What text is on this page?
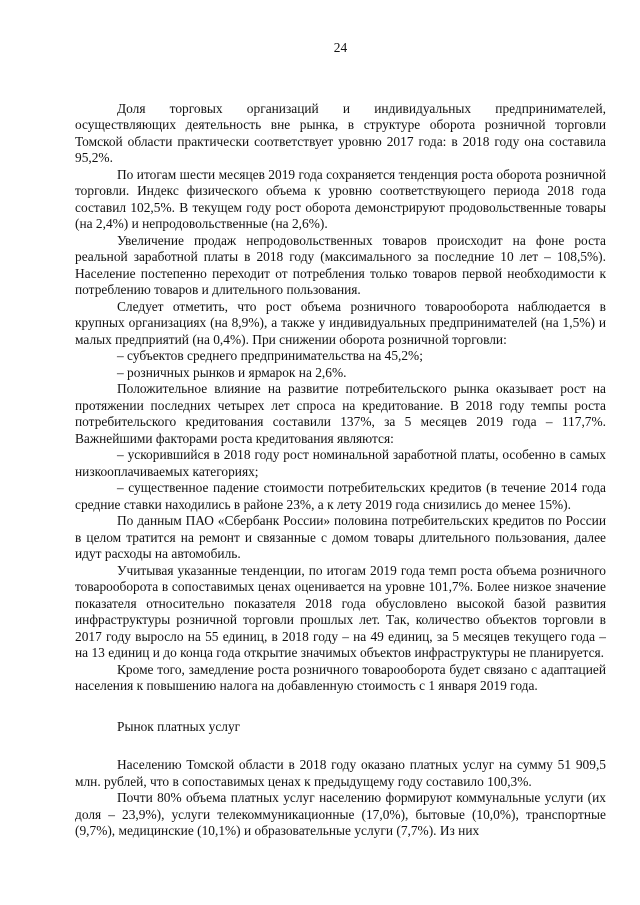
24

Доля торговых организаций и индивидуальных предпринимателей, осуществляющих деятельность вне рынка, в структуре оборота розничной торговли Томской области практически соответствует уровню 2017 года: в 2018 году она составила 95,2%.

По итогам шести месяцев 2019 года сохраняется тенденция роста оборота розничной торговли. Индекс физического объема к уровню соответствующего периода 2018 года составил 102,5%. В текущем году рост оборота демонстрируют продовольственные товары (на 2,4%) и непродовольственные (на 2,6%).

Увеличение продаж непродовольственных товаров происходит на фоне роста реальной заработной платы в 2018 году (максимального за последние 10 лет – 108,5%). Население постепенно переходит от потребления только товаров первой необходимости к потреблению товаров и длительного пользования.

Следует отметить, что рост объема розничного товарооборота наблюдается в крупных организациях (на 8,9%), а также у индивидуальных предпринимателей (на 1,5%) и малых предприятий (на 0,4%). При снижении оборота розничной торговли:

– субъектов среднего предпринимательства на 45,2%;

– розничных рынков и ярмарок на 2,6%.

Положительное влияние на развитие потребительского рынка оказывает рост на протяжении последних четырех лет спроса на кредитование. В 2018 году темпы роста потребительского кредитования составили 137%, за 5 месяцев 2019 года – 117,7%. Важнейшими факторами роста кредитования являются:

– ускорившийся в 2018 году рост номинальной заработной платы, особенно в самых низкооплачиваемых категориях;

– существенное падение стоимости потребительских кредитов (в течение 2014 года средние ставки находились в районе 23%, а к лету 2019 года снизились до менее 15%).

По данным ПАО «Сбербанк России» половина потребительских кредитов по России в целом тратится на ремонт и связанные с домом товары длительного пользования, далее идут расходы на автомобиль.

Учитывая указанные тенденции, по итогам 2019 года темп роста объема розничного товарооборота в сопоставимых ценах оценивается на уровне 101,7%. Более низкое значение показателя относительно показателя 2018 года обусловлено высокой базой развития инфраструктуры розничной торговли прошлых лет. Так, количество объектов торговли в 2017 году выросло на 55 единиц, в 2018 году – на 49 единиц, за 5 месяцев текущего года – на 13 единиц и до конца года открытие значимых объектов инфраструктуры не планируется.

Кроме того, замедление роста розничного товарооборота будет связано с адаптацией населения к повышению налога на добавленную стоимость с 1 января 2019 года.

Рынок платных услуг

Населению Томской области в 2018 году оказано платных услуг на сумму 51 909,5 млн. рублей, что в сопоставимых ценах к предыдущему году составило 100,3%.

Почти 80% объема платных услуг населению формируют коммунальные услуги (их доля – 23,9%), услуги телекоммуникационные (17,0%), бытовые (10,0%), транспортные (9,7%), медицинские (10,1%) и образовательные услуги (7,7%). Из них
